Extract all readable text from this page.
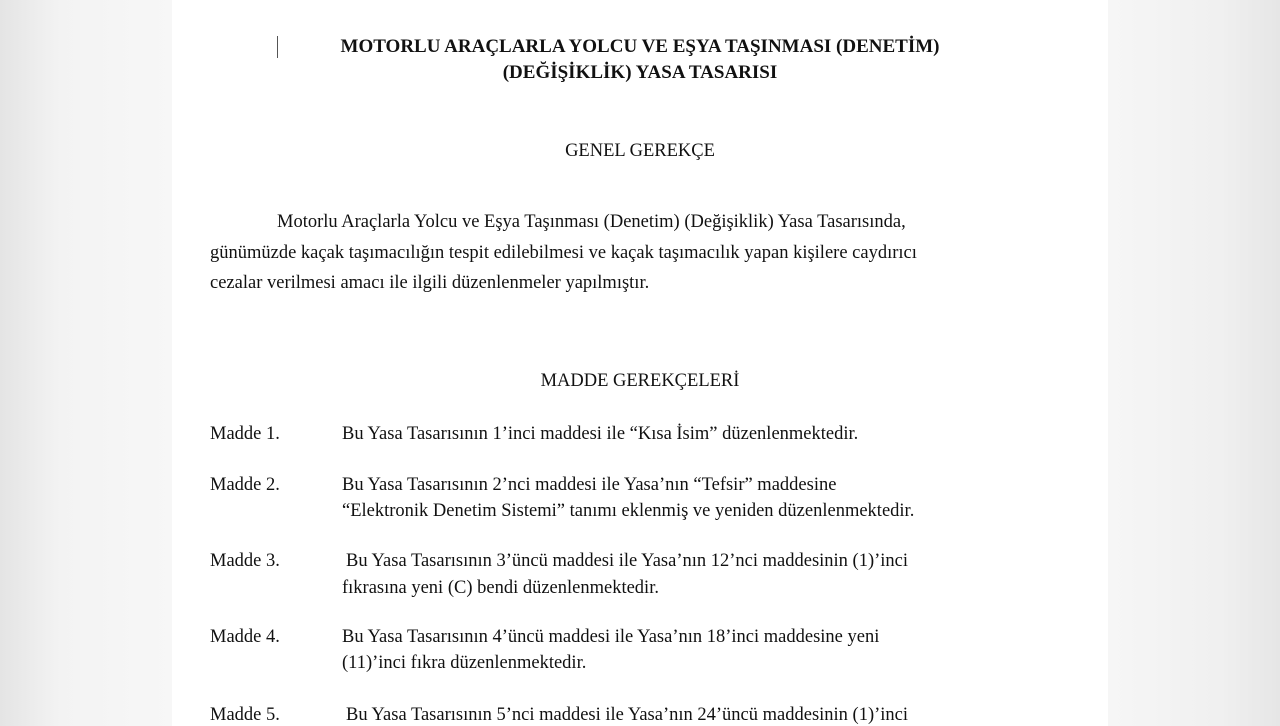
MOTORLU ARAÇLARLA YOLCU VE EŞYA TAŞINMASI (DENETİM)
(DEĞİŞİKLİK) YASA TASARISI
GENEL GEREKÇE
Motorlu Araçlarla Yolcu ve Eşya Taşınması (Denetim) (Değişiklik) Yasa Tasarısında,
günümüzde kaçak taşımacılığın tespit edilebilmesi ve kaçak taşımacılık yapan kişilere caydırıcı
cezalar verilmesi amacı ile ilgili düzenlenmeler yapılmıştır.
MADDE GEREKÇELERİ
Madde 1.	Bu Yasa Tasarısının 1’inci maddesi ile “Kısa İsim” düzenlenmektedir.
Madde 2.	Bu Yasa Tasarısının 2’nci maddesi ile Yasa’nın “Tefsir” maddesine
“Elektronik Denetim Sistemi” tanımı eklenmiş ve yeniden düzenlenmektedir.
Madde 3.	Bu Yasa Tasarısının 3’üncü maddesi ile Yasa’nın 12’nci maddesinin (1)’inci
fıkrasına yeni (C) bendi düzenlenmektedir.
Madde 4.	Bu Yasa Tasarısının 4’üncü maddesi ile Yasa’nın 18’inci maddesine yeni
(11)’inci fıkra düzenlenmektedir.
Madde 5.	Bu Yasa Tasarısının 5’nci maddesi ile Yasa’nın 24’üncü maddesinin (1)’inci
